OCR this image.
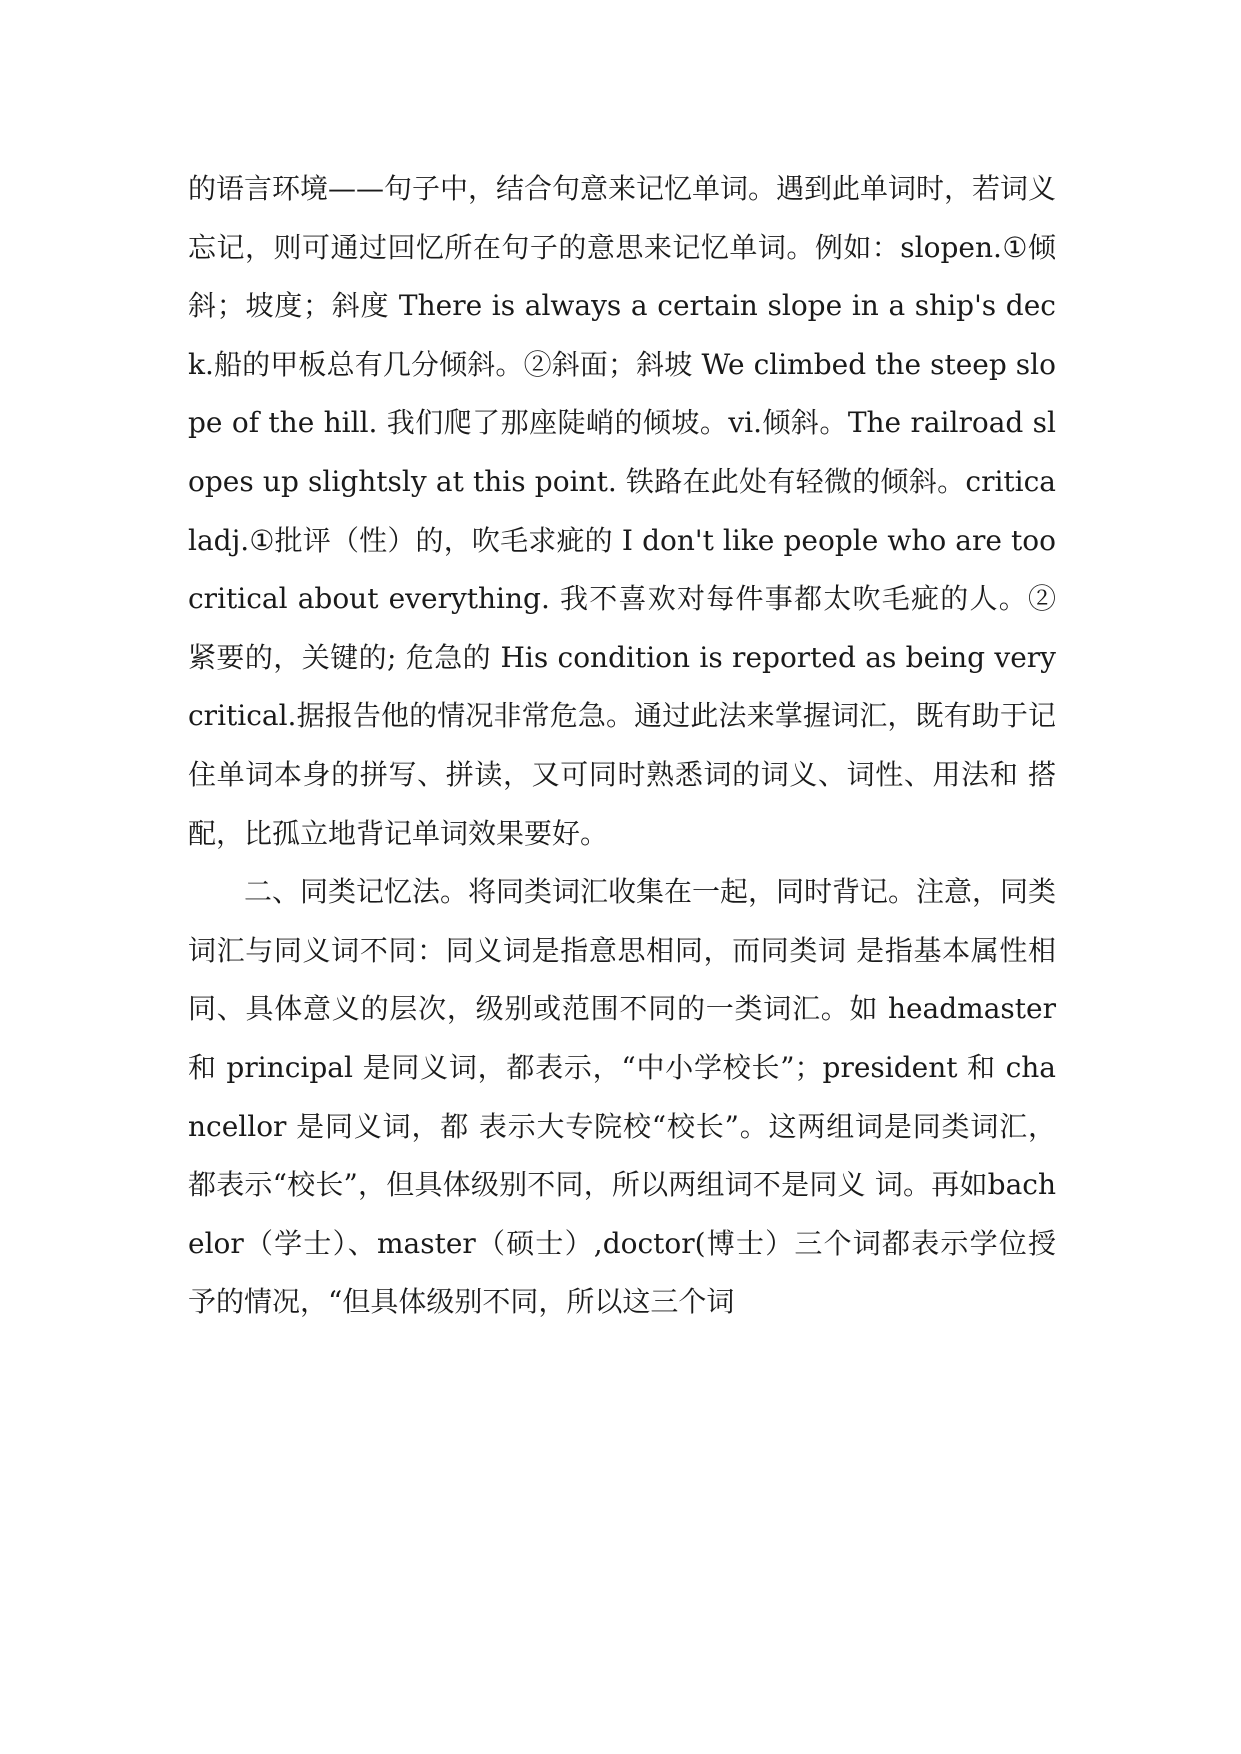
的语言环境——句子中，结合句意来记忆单词。遇到此单词时，若词义忘记，则可通过回忆所在句子的意思来记忆单词。例如：slopen.①倾斜；坡度；斜度 There is always a certain slope in a ship's deck.船的甲板总有几分倾斜。②斜面；斜坡 We climbed the steep slope of the hill. 我们爬了那座陡峭的倾坡。vi.倾斜。The railroad slopes up slightsly at this point. 铁路在此处有轻微的倾斜。criticaladj.①批评（性）的，吹毛求疵的 I don't like people who are too critical about everything. 我不喜欢对每件事都太吹毛疵的人。②紧要的，关键的; 危急的 His condition is reported as being very critical.据报告他的情况非常危急。通过此法来掌握词汇，既有助于记住单词本身的拼写、拼读，又可同时熟悉词的词义、词性、用法和 搭配，比孤立地背记单词效果要好。

二、同类记忆法。将同类词汇收集在一起，同时背记。注意，同类词汇与同义词不同：同义词是指意思相同，而同类词 是指基本属性相同、具体意义的层次，级别或范围不同的一类词汇。如 headmaster 和 principal 是同义词，都表示，“中小学校长”；president 和 chancellor 是同义词，都 表示大专院校“校长”。这两组词是同类词汇，都表示“校长”，但具体级别不同，所以两组词不是同义 词。再如bachelor（学士）、master（硕士）,doctor(博士）三个词都表示学位授予的情况，“但具体级别不同，所以这三个词
